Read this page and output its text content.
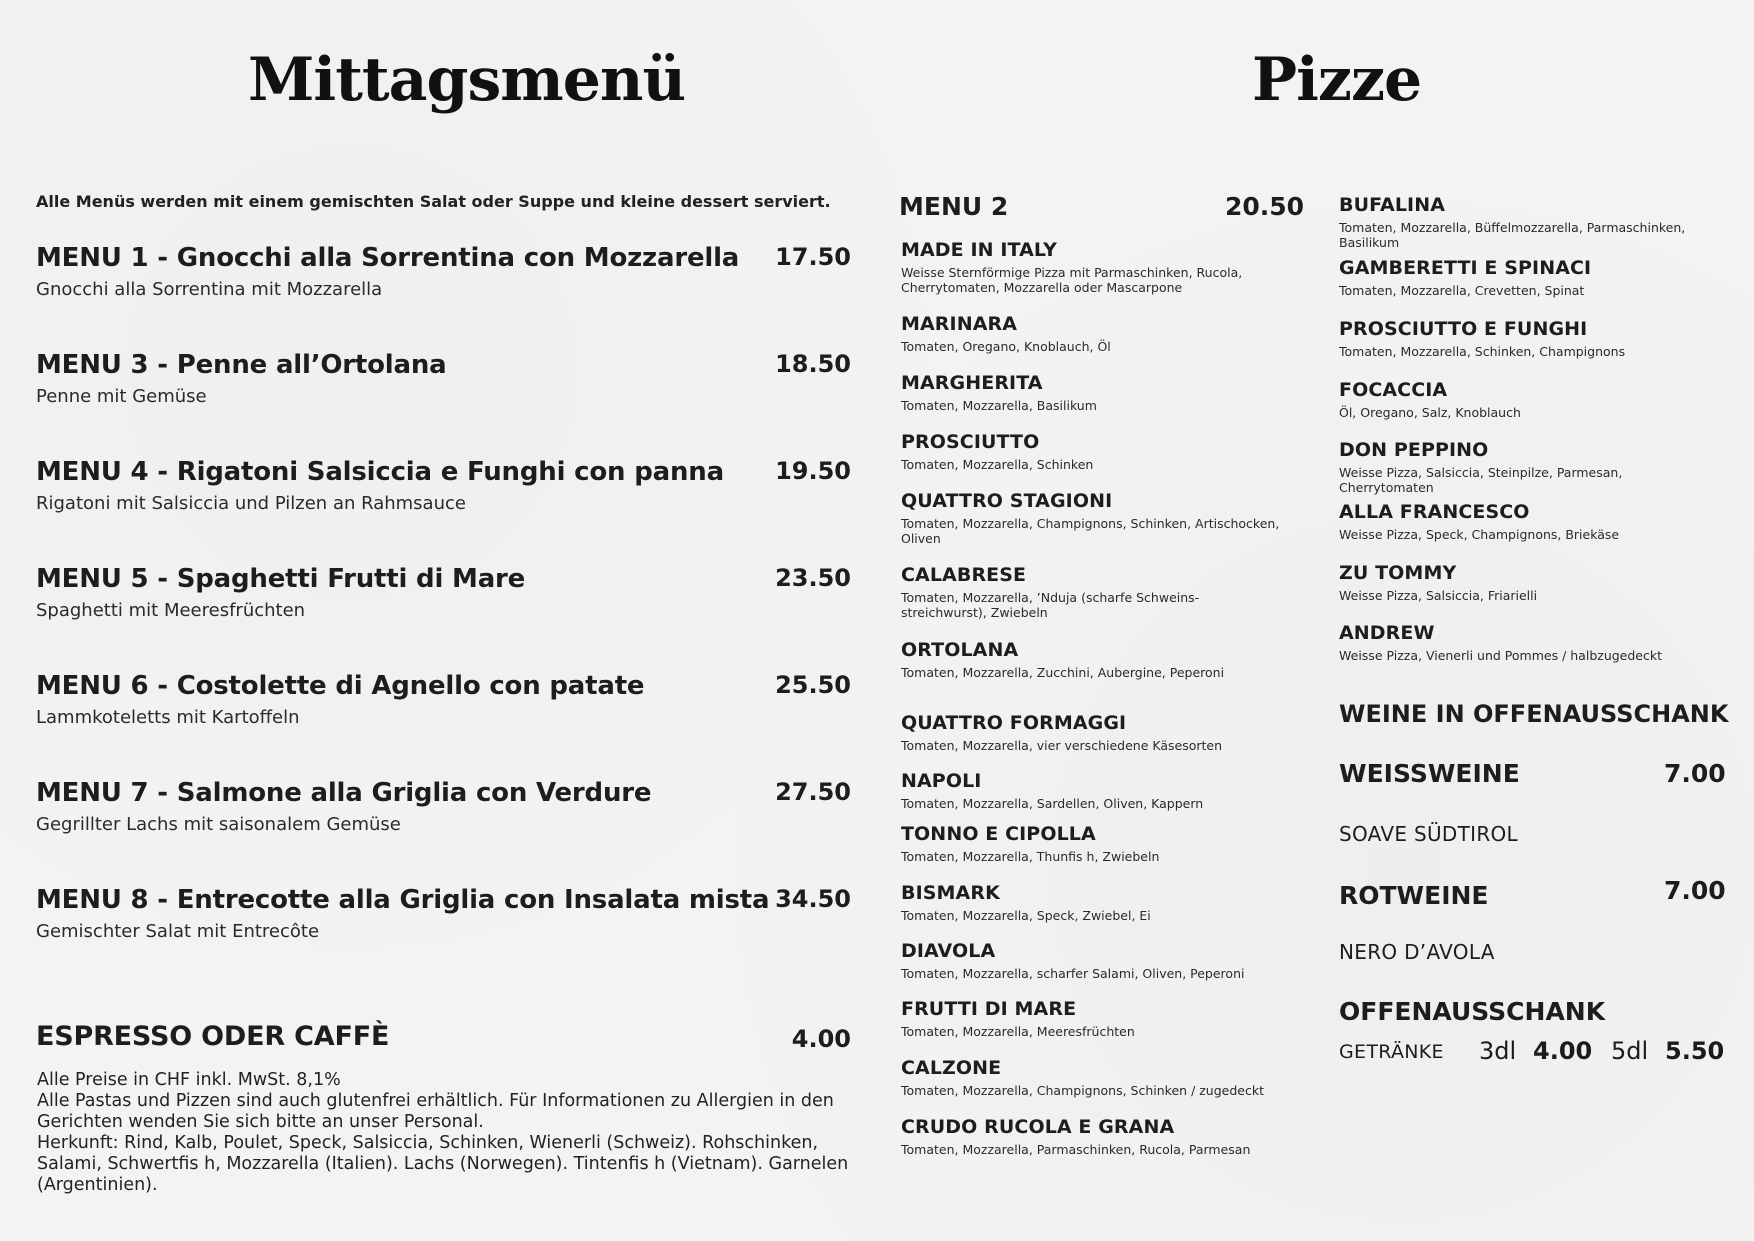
Mittagsmenü
Alle Menüs werden mit einem gemischten Salat oder Suppe und kleine dessert serviert.
MENU 1 - Gnocchi alla Sorrentina con Mozzarella	17.50
Gnocchi alla Sorrentina mit Mozzarella
MENU 3 - Penne all’Ortolana	18.50
Penne mit Gemüse
MENU 4 - Rigatoni Salsiccia e Funghi con panna	19.50
Rigatoni mit Salsiccia und Pilzen an Rahmsauce
MENU 5 - Spaghetti Frutti di Mare	23.50
Spaghetti mit Meeresfrüchten
MENU 6 - Costolette di Agnello con patate	25.50
Lammkoteletts mit Kartoffeln
MENU 7 - Salmone alla Griglia con Verdure	27.50
Gegrillter Lachs mit saisonalem Gemüse
MENU 8 - Entrecotte alla Griglia con Insalata mista 34.50
Gemischter Salat mit Entrecôte
ESPRESSO ODER CAFFÈ	4.00
Alle Preise in CHF inkl. MwSt. 8,1%
Alle Pastas und Pizzen sind auch glutenfrei erhältlich. Für Informationen zu Allergien in den Gerichten wenden Sie sich bitte an unser Personal.
Herkunft: Rind, Kalb, Poulet, Speck, Salsiccia, Schinken, Wienerli (Schweiz). Rohschinken, Salami, Schwertfis h, Mozzarella (Italien). Lachs (Norwegen). Tintenfis h (Vietnam). Garnelen (Argentinien).
Pizze
MENU 2	20.50
MADE IN ITALY
Weisse Sternförmige Pizza mit Parmaschinken, Rucola, Cherrytomaten, Mozzarella oder Mascarpone
MARINARA
Tomaten, Oregano, Knoblauch, Öl
MARGHERITA
Tomaten, Mozzarella, Basilikum
PROSCIUTTO
Tomaten, Mozzarella, Schinken
QUATTRO STAGIONI
Tomaten, Mozzarella, Champignons, Schinken, Artischocken, Oliven
CALABRESE
Tomaten, Mozzarella, ’Nduja (scharfe Schweins-streichwurst), Zwiebeln
ORTOLANA
Tomaten, Mozzarella, Zucchini, Aubergine, Peperoni
QUATTRO FORMAGGI
Tomaten, Mozzarella, vier verschiedene Käsesorten
NAPOLI
Tomaten, Mozzarella, Sardellen, Oliven, Kappern
TONNO E CIPOLLA
Tomaten, Mozzarella, Thunfis h, Zwiebeln
BISMARK
Tomaten, Mozzarella, Speck, Zwiebel, Ei
DIAVOLA
Tomaten, Mozzarella, scharfer Salami, Oliven, Peperoni
FRUTTI DI MARE
Tomaten, Mozzarella, Meeresfrüchten
CALZONE
Tomaten, Mozzarella, Champignons, Schinken / zugedeckt
CRUDO RUCOLA E GRANA
Tomaten, Mozzarella, Parmaschinken, Rucola, Parmesan
BUFALINA
Tomaten, Mozzarella, Büffelmozzarella, Parmaschinken, Basilikum
GAMBERETTI E SPINACI
Tomaten, Mozzarella, Crevetten, Spinat
PROSCIUTTO E FUNGHI
Tomaten, Mozzarella, Schinken, Champignons
FOCACCIA
Öl, Oregano, Salz, Knoblauch
DON PEPPINO
Weisse Pizza, Salsiccia, Steinpilze, Parmesan, Cherrytomaten
ALLA FRANCESCO
Weisse Pizza, Speck, Champignons, Briekäse
ZU TOMMY
Weisse Pizza, Salsiccia, Friarielli
ANDREW
Weisse Pizza, Vienerli und Pommes / halbzugedeckt
WEINE IN OFFENAUSSCHANK
WEISSWEINE	7.00
SOAVE SÜDTIROL
ROTWEINE	7.00
NERO D’AVOLA
OFFENAUSSCHANK
GETRÄNKE 3dl 4.00 5dl 5.50
